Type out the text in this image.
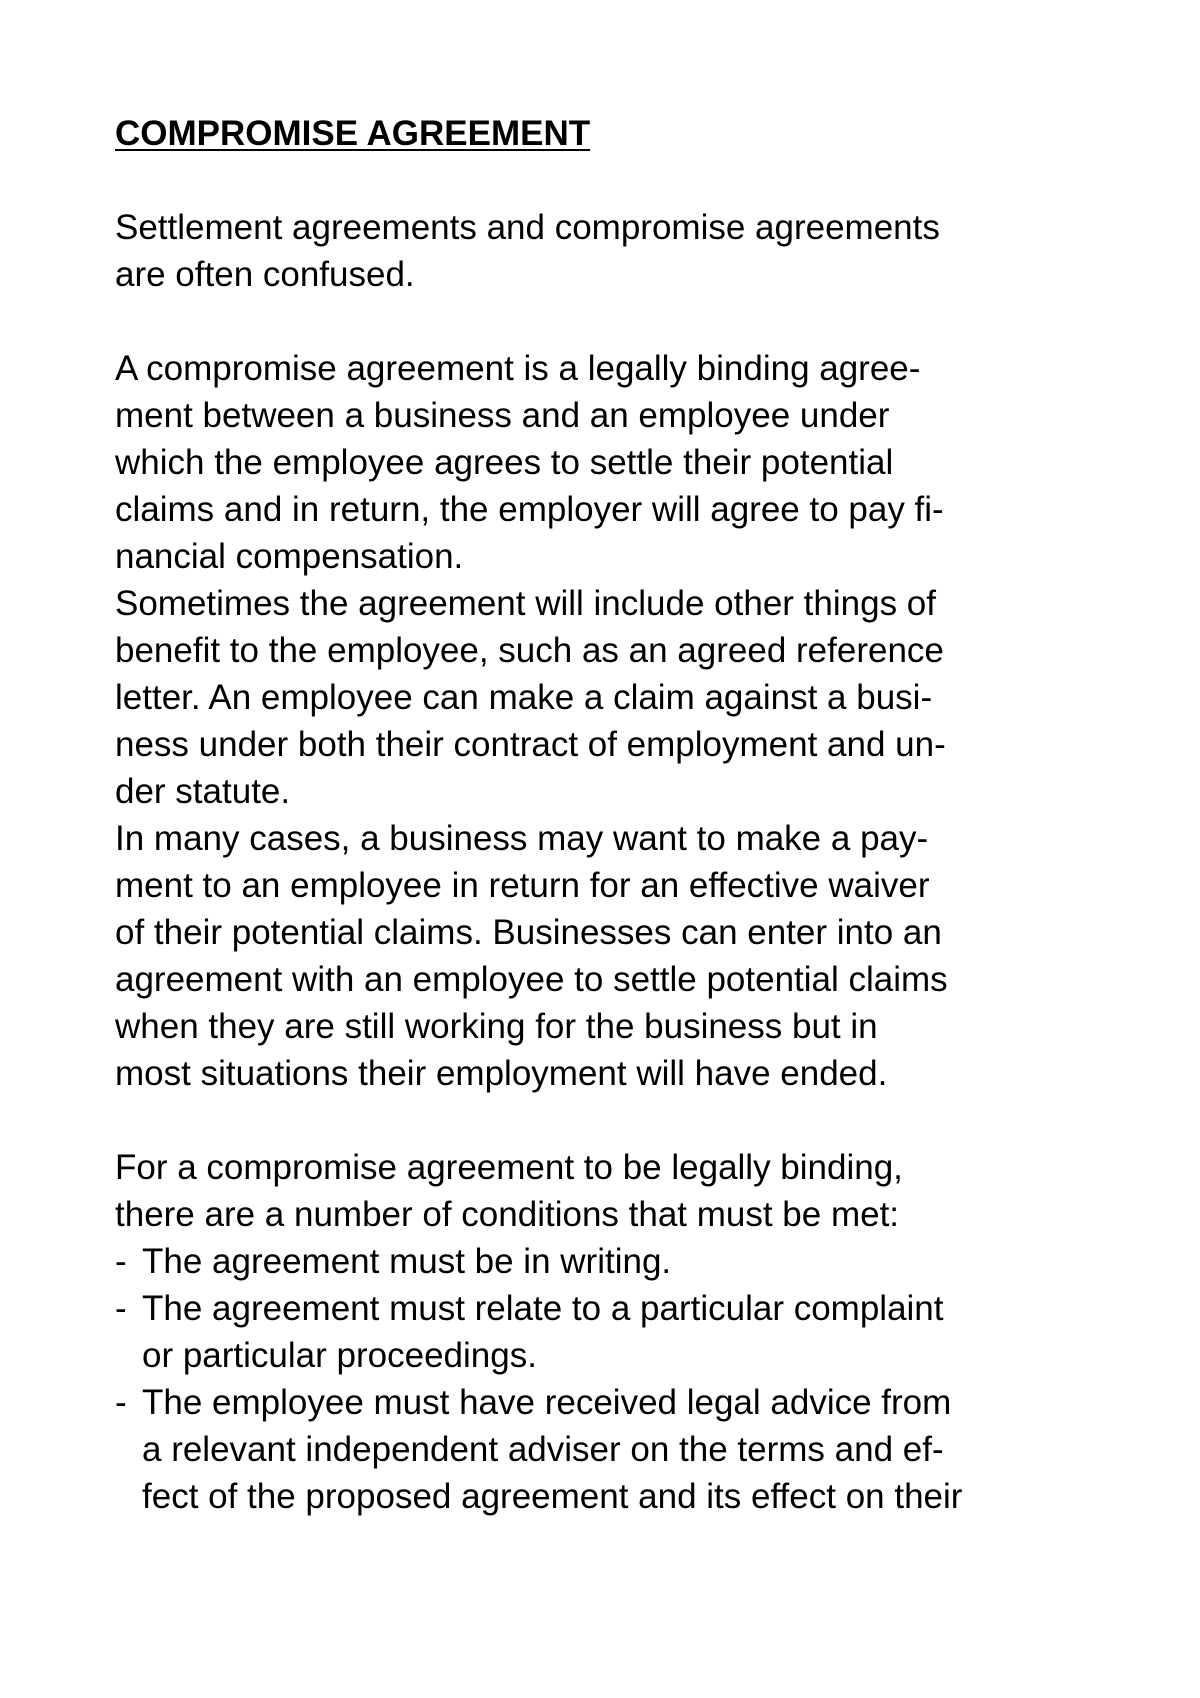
COMPROMISE AGREEMENT
Settlement agreements and compromise agreements
are often confused.
A compromise agreement is a legally binding agree-
ment between a business and an employee under
which the employee agrees to settle their potential
claims and in return, the employer will agree to pay fi-
nancial compensation.
Sometimes the agreement will include other things of
benefit to the employee, such as an agreed reference
letter. An employee can make a claim against a busi-
ness under both their contract of employment and un-
der statute.
In many cases, a business may want to make a pay-
ment to an employee in return for an effective waiver
of their potential claims. Businesses can enter into an
agreement with an employee to settle potential claims
when they are still working for the business but in
most situations their employment will have ended.
For a compromise agreement to be legally binding,
there are a number of conditions that must be met:
- The agreement must be in writing.
- The agreement must relate to a particular complaint
or particular proceedings.
- The employee must have received legal advice from
a relevant independent adviser on the terms and ef-
fect of the proposed agreement and its effect on their
